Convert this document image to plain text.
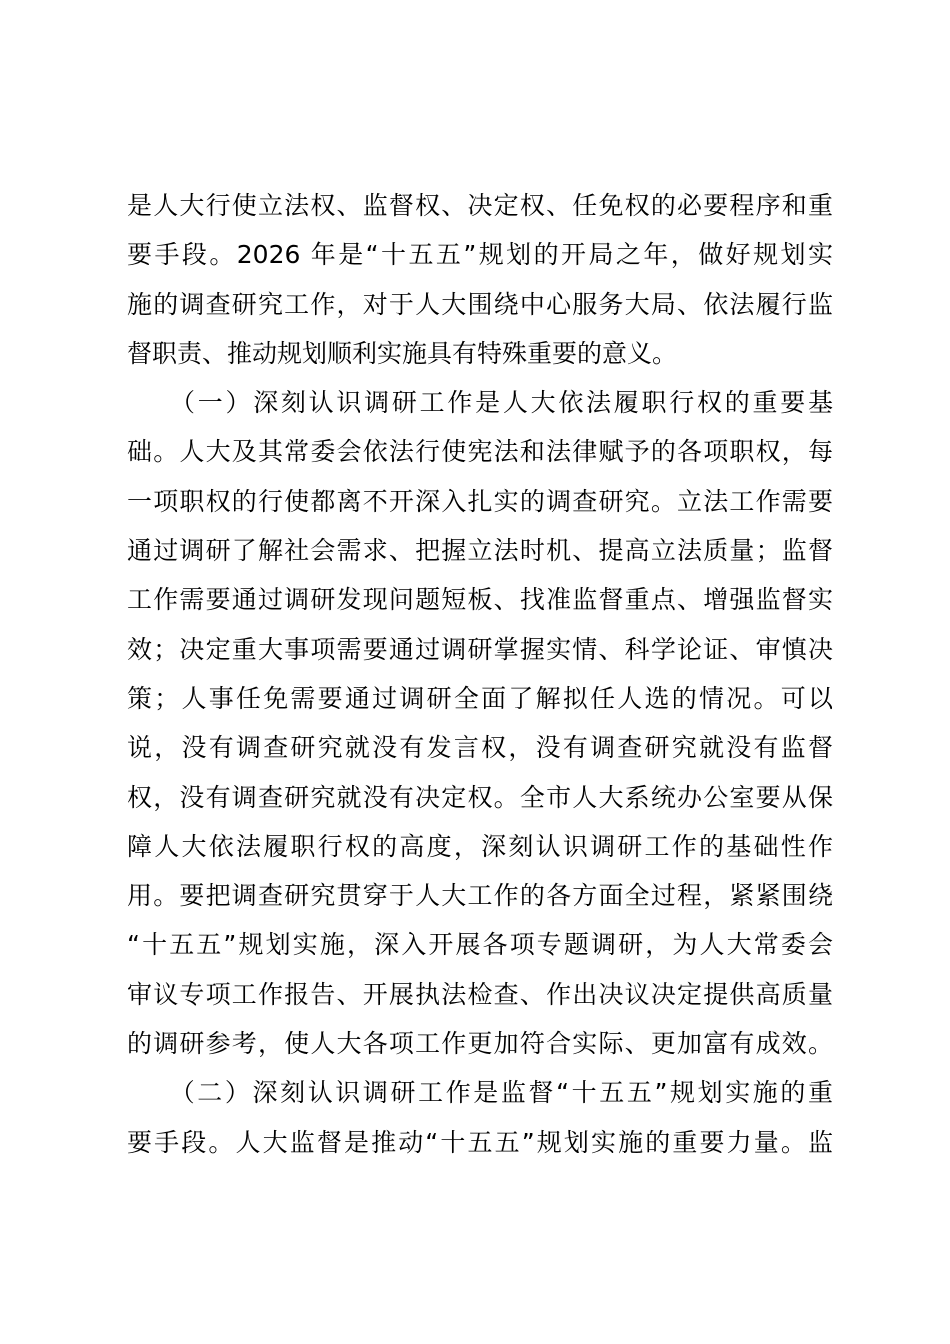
是人大行使立法权、监督权、决定权、任免权的必要程序和重
要手段。2026 年是“十五五”规划的开局之年，做好规划实
施的调查研究工作，对于人大围绕中心服务大局、依法履行监
督职责、推动规划顺利实施具有特殊重要的意义。
　　（一）深刻认识调研工作是人大依法履职行权的重要基
础。人大及其常委会依法行使宪法和法律赋予的各项职权，每
一项职权的行使都离不开深入扎实的调查研究。立法工作需要
通过调研了解社会需求、把握立法时机、提高立法质量；监督
工作需要通过调研发现问题短板、找准监督重点、增强监督实
效；决定重大事项需要通过调研掌握实情、科学论证、审慎决
策；人事任免需要通过调研全面了解拟任人选的情况。可以
说，没有调查研究就没有发言权，没有调查研究就没有监督
权，没有调查研究就没有决定权。全市人大系统办公室要从保
障人大依法履职行权的高度，深刻认识调研工作的基础性作
用。要把调查研究贯穿于人大工作的各方面全过程，紧紧围绕
“十五五”规划实施，深入开展各项专题调研，为人大常委会
审议专项工作报告、开展执法检查、作出决议决定提供高质量
的调研参考，使人大各项工作更加符合实际、更加富有成效。
　　（二）深刻认识调研工作是监督“十五五”规划实施的重
要手段。人大监督是推动“十五五”规划实施的重要力量。监
